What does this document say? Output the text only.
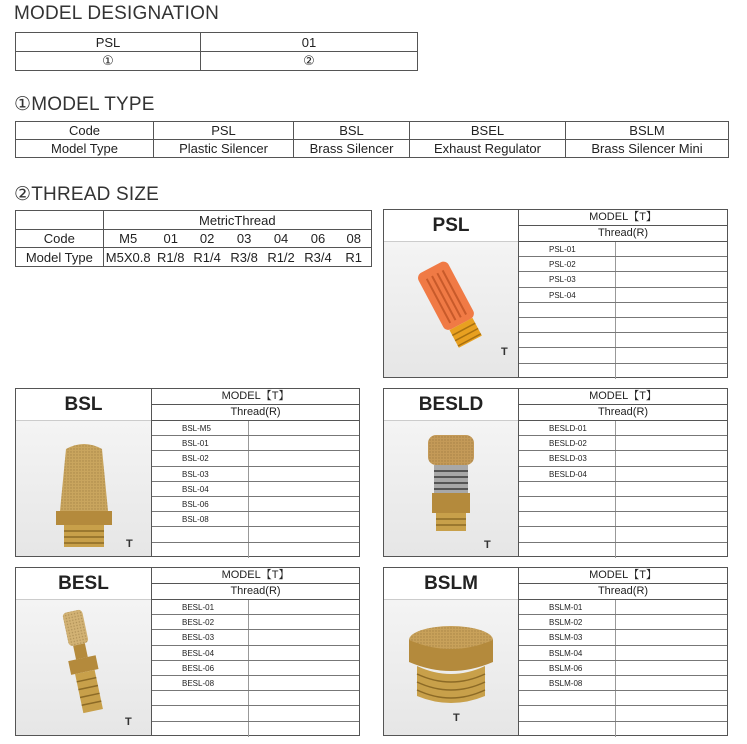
MODEL DESIGNATION
PSL	01
①	②
①MODEL TYPE
Code	PSL	BSL	BSEL	BSLM
Model Type	Plastic Silencer	Brass Silencer	Exhaust Regulator	Brass Silencer Mini
②THREAD SIZE
	MetricThread						
Code	M5	01	02	03	04	06	08
Model Type	M5X0.8	R1/8	R1/4	R3/8	R1/2	R3/4	R1
PSL
T
MODEL【T】
Thread(R)
PSL-01
PSL-02
PSL-03
PSL-04
BSL
T
MODEL【T】
Thread(R)
BSL-M5
BSL-01
BSL-02
BSL-03
BSL-04
BSL-06
BSL-08
BESLD
T
MODEL【T】
Thread(R)
BESLD-01
BESLD-02
BESLD-03
BESLD-04
BESL
T
MODEL【T】
Thread(R)
BESL-01
BESL-02
BESL-03
BESL-04
BESL-06
BESL-08
BSLM
T
MODEL【T】
Thread(R)
BSLM-01
BSLM-02
BSLM-03
BSLM-04
BSLM-06
BSLM-08
